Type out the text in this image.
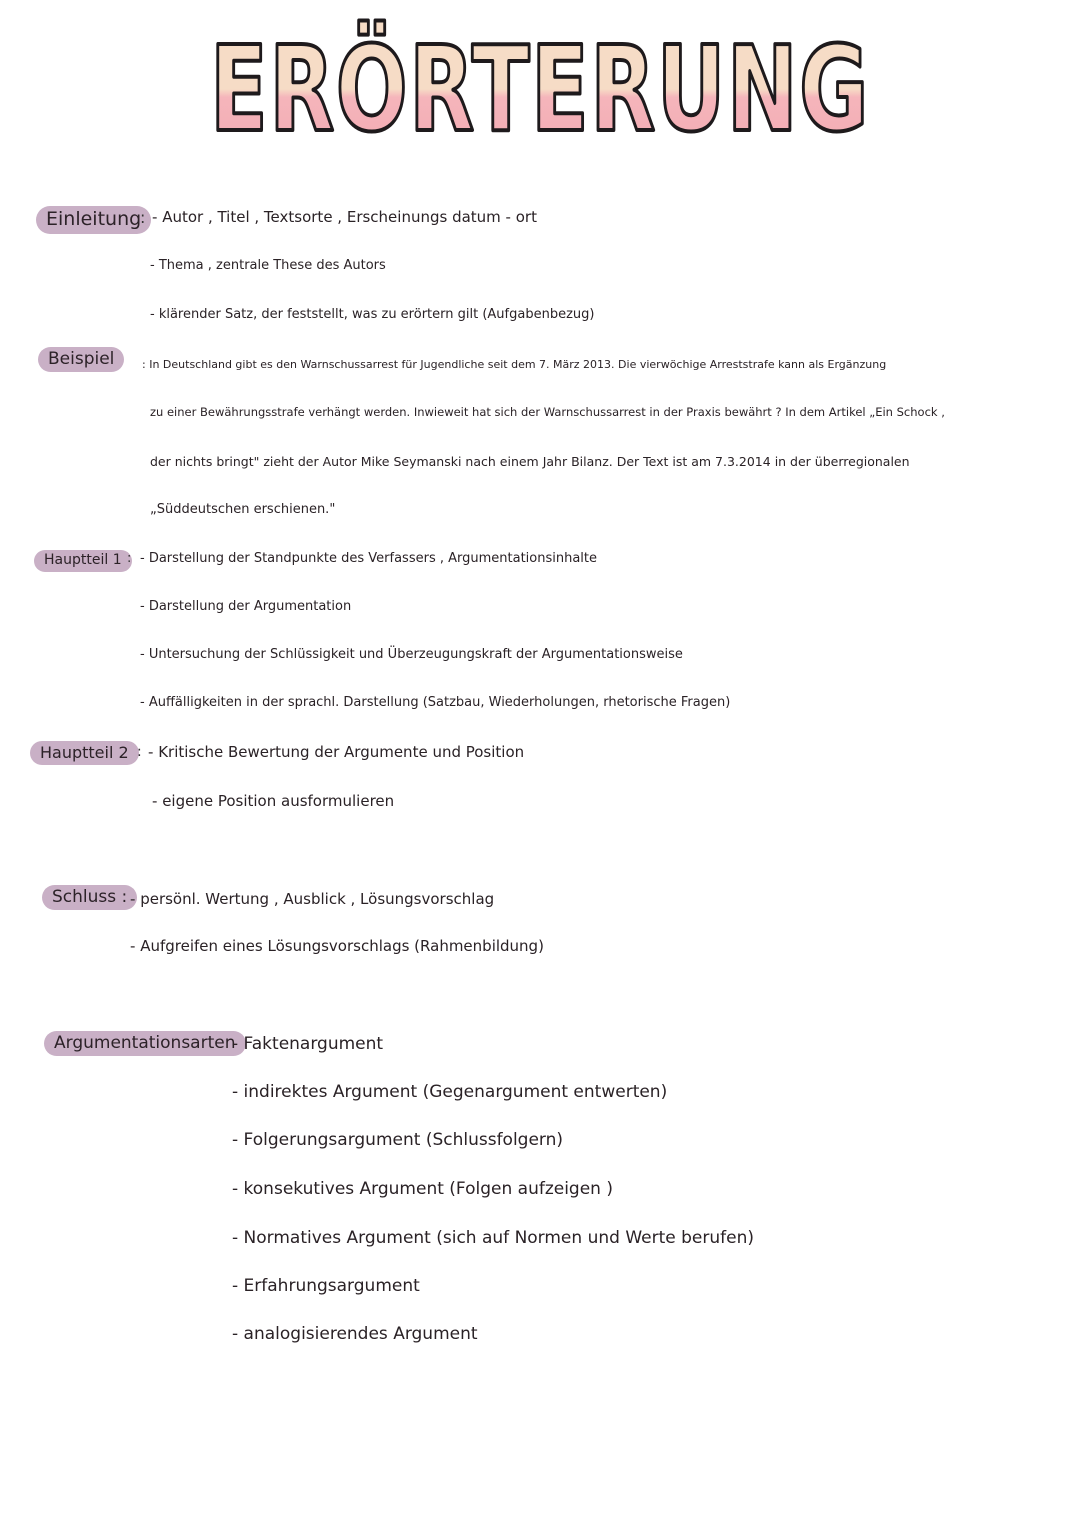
ERÖRTERUNG
Einleitung
: - Autor , Titel , Textsorte , Erscheinungs datum - ort
- Thema , zentrale These des Autors
- klärender Satz, der feststellt, was zu erörtern gilt (Aufgabenbezug)
Beispiel	: In Deutschland gibt es den Warnschussarrest für Jugendliche seit dem 7. März 2013. Die vierwöchige Arreststrafe kann als Ergänzung
zu einer Bewährungsstrafe verhängt werden. Inwieweit hat sich der Warnschussarrest in der Praxis bewährt ? In dem Artikel „Ein Schock ,
der nichts bringt" zieht der Autor Mike Seymanski nach einem Jahr Bilanz. Der Text ist am 7.3.2014 in der überregionalen
„Süddeutschen erschienen."
Hauptteil 1 : - Darstellung der Standpunkte des Verfassers , Argumentationsinhalte
- Darstellung der Argumentation
- Untersuchung der Schlüssigkeit und Überzeugungskraft der Argumentationsweise
- Auffälligkeiten in der sprachl. Darstellung (Satzbau, Wiederholungen, rhetorische Fragen)
Hauptteil 2 : - Kritische Bewertung der Argumente und Position
- eigene Position ausformulieren
Schluss : - persönl. Wertung , Ausblick , Lösungsvorschlag
- Aufgreifen eines Lösungsvorschlags (Rahmenbildung)
Argumentationsarten
- Faktenargument
- indirektes Argument (Gegenargument entwerten)
- Folgerungsargument (Schlussfolgern)
- konsekutives Argument (Folgen aufzeigen )
- Normatives Argument (sich auf Normen und Werte berufen)
- Erfahrungsargument
- analogisierendes Argument
